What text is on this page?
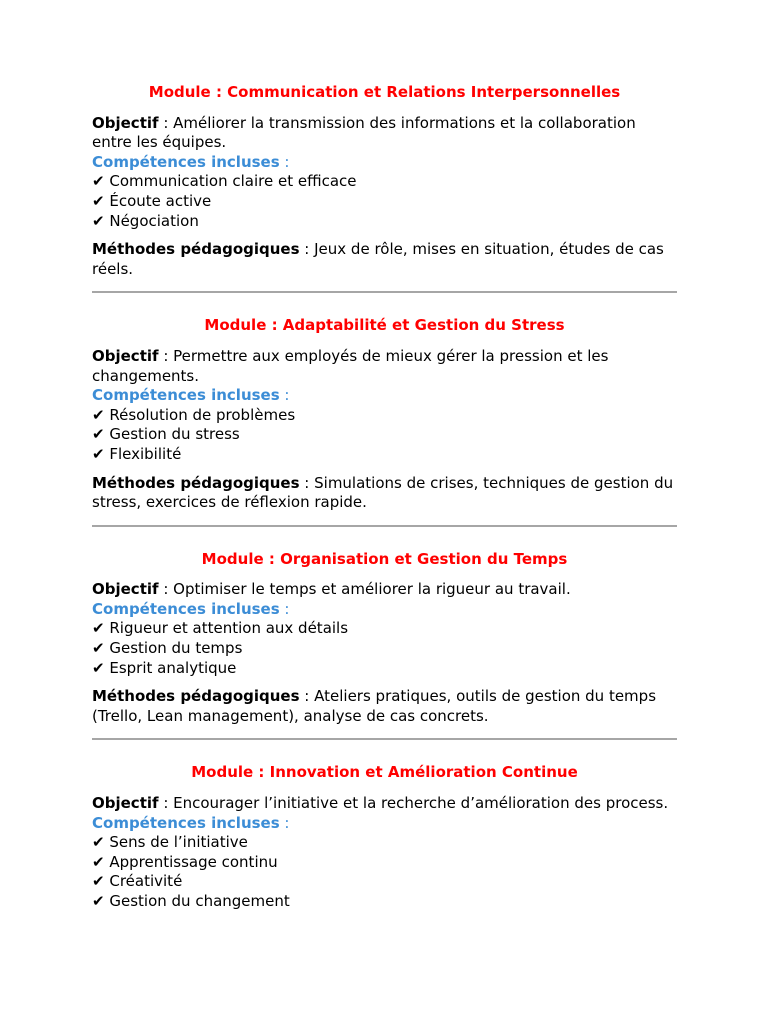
Module : Communication et Relations Interpersonnelles
Objectif : Améliorer la transmission des informations et la collaboration entre les équipes.
Compétences incluses :
✔ Communication claire et efficace
✔ Écoute active
✔ Négociation
Méthodes pédagogiques : Jeux de rôle, mises en situation, études de cas réels.
Module : Adaptabilité et Gestion du Stress
Objectif : Permettre aux employés de mieux gérer la pression et les changements.
Compétences incluses :
✔ Résolution de problèmes
✔ Gestion du stress
✔ Flexibilité
Méthodes pédagogiques : Simulations de crises, techniques de gestion du stress, exercices de réflexion rapide.
Module : Organisation et Gestion du Temps
Objectif : Optimiser le temps et améliorer la rigueur au travail.
Compétences incluses :
✔ Rigueur et attention aux détails
✔ Gestion du temps
✔ Esprit analytique
Méthodes pédagogiques : Ateliers pratiques, outils de gestion du temps (Trello, Lean management), analyse de cas concrets.
Module : Innovation et Amélioration Continue
Objectif : Encourager l’initiative et la recherche d’amélioration des process.
Compétences incluses :
✔ Sens de l’initiative
✔ Apprentissage continu
✔ Créativité
✔ Gestion du changement
